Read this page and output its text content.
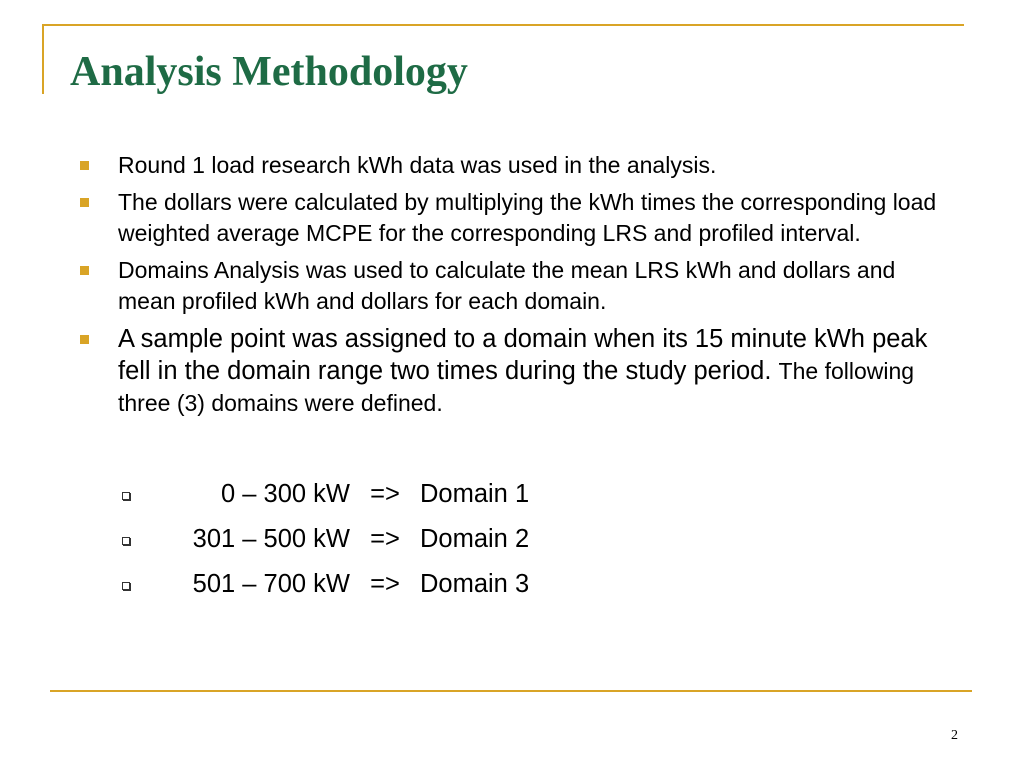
Analysis Methodology
Round 1 load research kWh data was used in the analysis.
The dollars were calculated by multiplying the kWh times the corresponding load weighted average MCPE for the corresponding LRS and profiled interval.
Domains Analysis was used to calculate the mean LRS kWh and dollars and mean profiled kWh and dollars for each domain.
A sample point was assigned to a domain when its 15 minute kWh peak fell in the domain range two times during the study period. The following three (3) domains were defined.
0 – 300 kW => Domain 1
301 – 500 kW => Domain 2
501 – 700 kW => Domain 3
2
